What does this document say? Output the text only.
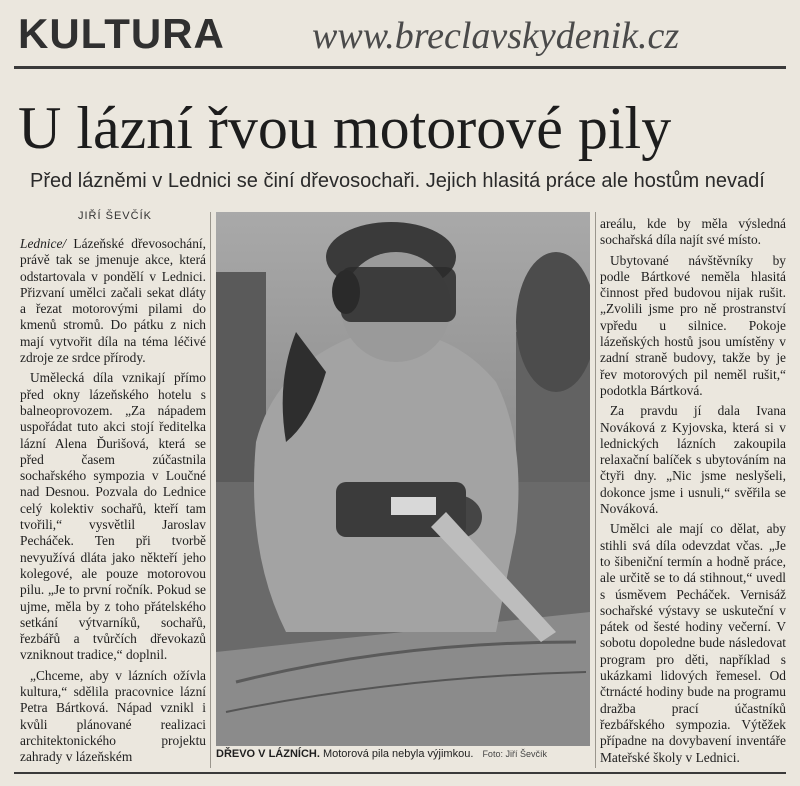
KULTURA www.breclavskydenik.cz
U lázní řvou motorové pily
Před lázněmi v Lednici se činí dřevosochaři. Jejich hlasitá práce ale hostům nevadí
JIŘÍ ŠEVČÍK

Lednice/ Lázeňské dřevosochání, právě tak se jmenuje akce, která odstartovala v pondělí v Lednici. Přizvaní umělci začali sekat dláty a řezat motorovými pilami do kmenů stromů. Do pátku z nich mají vytvořit díla na téma léčivé zdroje ze srdce přírody.

Umělecká díla vznikají přímo před okny lázeňského hotelu s balneoprovozem. „Za nápadem uspořádat tuto akci stojí ředitelka lázní Alena Ďurišová, která se před časem zúčastnila sochařského sympozia v Loučné nad Desnou. Pozvala do Lednice celý kolektiv sochařů, kteří tam tvořili,“ vysvětlil Jaroslav Pecháček. Ten při tvorbě nevyužívá dláta jako někteří jeho kolegové, ale pouze motorovou pilu. „Je to první ročník. Pokud se ujme, měla by z toho přátelského setkání výtvarníků, sochařů, řezbářů a tvůrčích dřevokazů vzniknout tradice,“ doplnil.

„Chceme, aby v lázních ožívla kultura,“ sdělila pracovnice lázní Petra Bártková. Nápad vznikl i kvůli plánované realizaci architektonického projektu zahrady v lázeňském	DŘEVO V LÁZNÍCH. Motorová pila nebyla výjimkou. Foto: Jiří Ševčík

areálu, kde by měla výsledná sochařská díla najít své místo.

Ubytované návštěvníky by podle Bártkové neměla hlasitá činnost před budovou nijak rušit. „Zvolili jsme pro ně prostranství vpředu u silnice. Pokoje lázeňských hostů jsou umístěny v zadní straně budovy, takže by je řev motorových pil neměl rušit,“ podotkla Bártková.

Za pravdu jí dala Ivana Nováková z Kyjovska, která si v lednických lázních zakoupila relaxační balíček s ubytováním na čtyři dny. „Nic jsme neslyšeli, dokonce jsme i usnuli,“ svěřila se Nováková.

Umělci ale mají co dělat, aby stihli svá díla odevzdat včas. „Je to šibeniční termín a hodně práce, ale určitě se to dá stihnout,“ uvedl s úsměvem Pecháček. Vernisáž sochařské výstavy se uskuteční v pátek od šesté hodiny večerní. V sobotu dopoledne bude následovat program pro děti, například s ukázkami lidových řemesel. Od čtrnácté hodiny bude na programu dražba prací účastníků řezbářského sympozia. Výtěžek případne na dovybavení inventáře Mateřské školy v Lednici.
